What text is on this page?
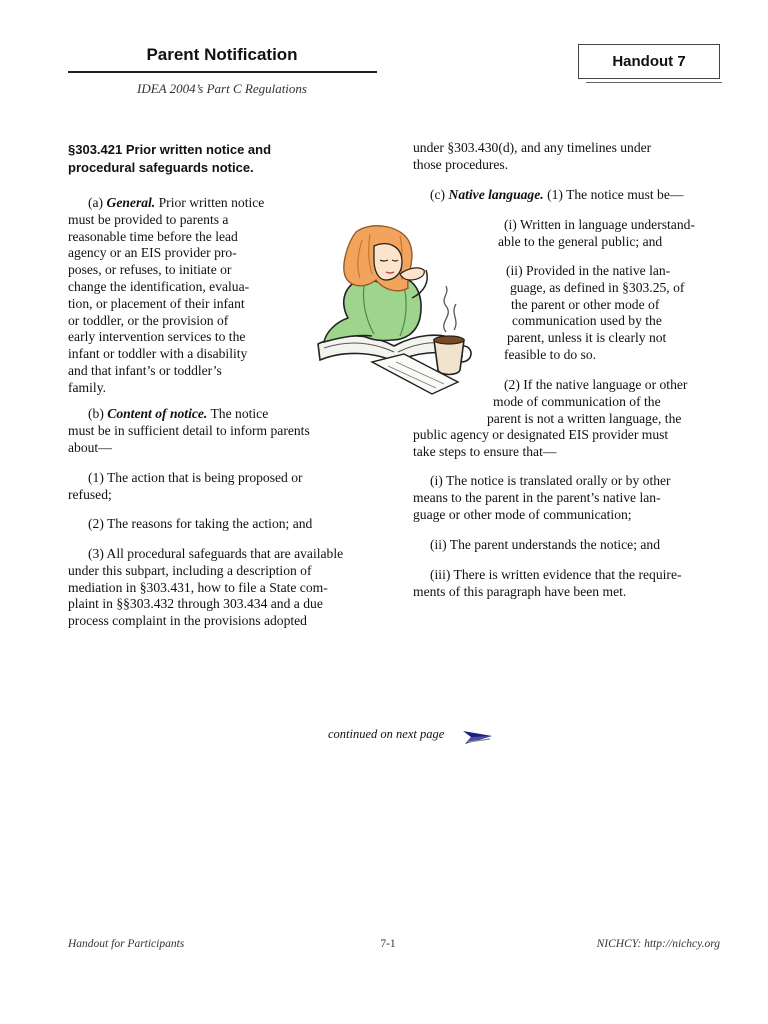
Parent Notification
IDEA 2004’s Part C Regulations
Handout 7
§303.421 Prior written notice and
procedural safeguards notice.

(a) General. Prior written notice

must be provided to parents a

reasonable time before the lead

agency or an EIS provider pro-

poses, or refuses, to initiate or

change the identification, evalua-

tion, or placement of their infant

or toddler, or the provision of

early intervention services to the

infant or toddler with a disability

and that infant’s or toddler’s

family.

(b) Content of notice. The notice

must be in sufficient detail to inform parents

about—

(1) The action that is being proposed or

refused;

(2) The reasons for taking the action; and

(3) All procedural safeguards that are available

under this subpart, including a description of

mediation in §303.431, how to file a State com-

plaint in §§303.432 through 303.434 and a due

process complaint in the provisions adopted

under §303.430(d), and any timelines under

those procedures.

(c) Native language. (1) The notice must be—

(i) Written in language understand-

able to the general public; and

(ii) Provided in the native lan-

guage, as defined in §303.25, of

the parent or other mode of

communication used by the

parent, unless it is clearly not

feasible to do so.

(2) If the native language or other

mode of communication of the

parent is not a written language, the

public agency or designated EIS provider must

take steps to ensure that—

(i) The notice is translated orally or by other

means to the parent in the parent’s native lan-

guage or other mode of communication;

(ii) The parent understands the notice; and

(iii) There is written evidence that the require-

ments of this paragraph have been met.

continued on next page
Handout for Participants	7-1	NICHCY: http://nichcy.org
